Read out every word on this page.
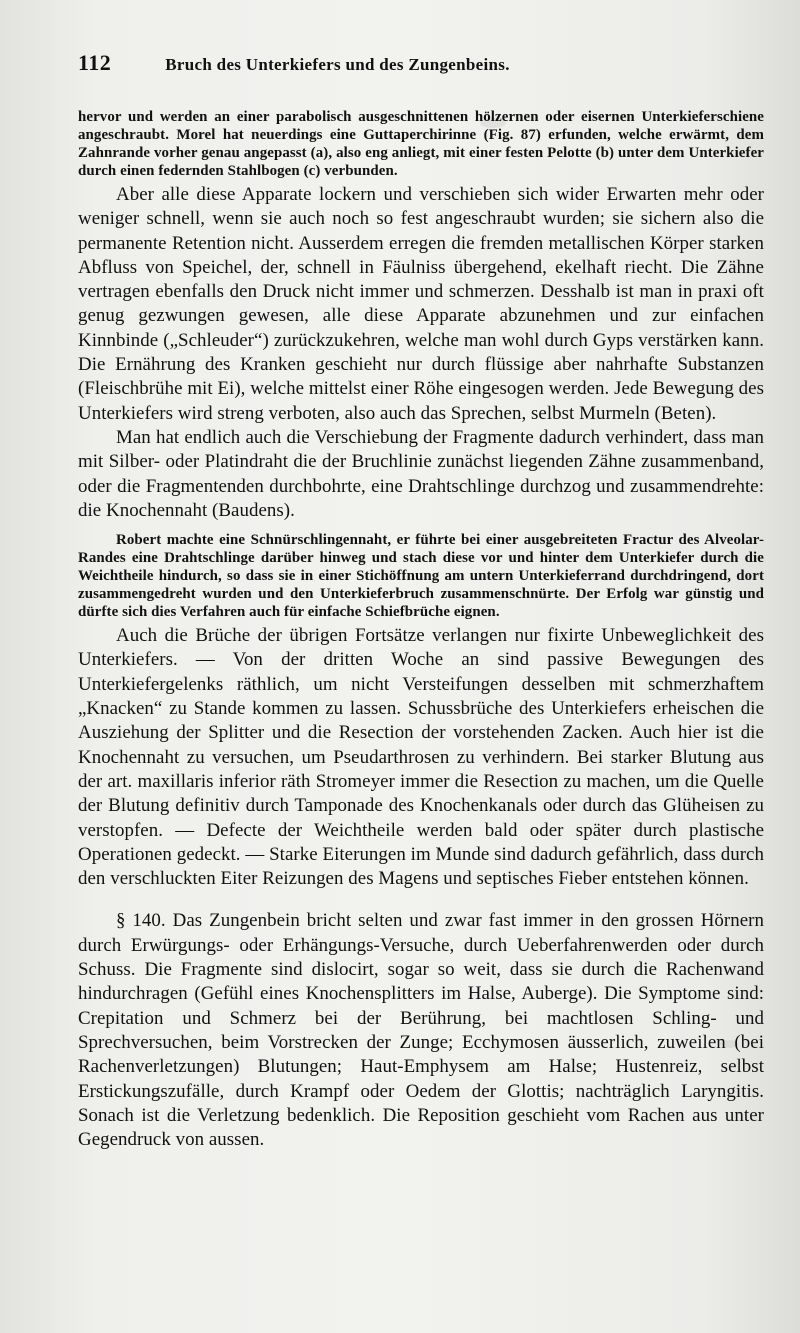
112	Bruch des Unterkiefers und des Zungenbeins.

hervor und werden an einer parabolisch ausgeschnittenen hölzernen oder eisernen Unterkieferschiene angeschraubt. Morel hat neuerdings eine Guttaperchirinne (Fig. 87) erfunden, welche erwärmt, dem Zahnrande vorher genau angepasst (a), also eng anliegt, mit einer festen Pelotte (b) unter dem Unterkiefer durch einen federnden Stahlbogen (c) verbunden.

Aber alle diese Apparate lockern und verschieben sich wider Erwarten mehr oder weniger schnell, wenn sie auch noch so fest angeschraubt wurden; sie sichern also die permanente Retention nicht. Ausserdem erregen die fremden metallischen Körper starken Abfluss von Speichel, der, schnell in Fäulniss übergehend, ekelhaft riecht. Die Zähne vertragen ebenfalls den Druck nicht immer und schmerzen. Desshalb ist man in praxi oft genug gezwungen gewesen, alle diese Apparate abzunehmen und zur einfachen Kinnbinde („Schleuder“) zurückzukehren, welche man wohl durch Gyps verstärken kann. Die Ernährung des Kranken geschieht nur durch flüssige aber nahrhafte Substanzen (Fleischbrühe mit Ei), welche mittelst einer Röhe eingesogen werden. Jede Bewegung des Unterkiefers wird streng verboten, also auch das Sprechen, selbst Murmeln (Beten).

Man hat endlich auch die Verschiebung der Fragmente dadurch verhindert, dass man mit Silber- oder Platindraht die der Bruchlinie zunächst liegenden Zähne zusammenband, oder die Fragmentenden durchbohrte, eine Drahtschlinge durchzog und zusammendrehte: die Knochennaht (Baudens).

Robert machte eine Schnürschlingennaht, er führte bei einer ausgebreiteten Fractur des Alveolar-Randes eine Drahtschlinge darüber hinweg und stach diese vor und hinter dem Unterkiefer durch die Weichtheile hindurch, so dass sie in einer Stichöffnung am untern Unterkieferrand durchdringend, dort zusammengedreht wurden und den Unterkieferbruch zusammenschnürte. Der Erfolg war günstig und dürfte sich dies Verfahren auch für einfache Schiefbrüche eignen.

Auch die Brüche der übrigen Fortsätze verlangen nur fixirte Unbeweglichkeit des Unterkiefers. — Von der dritten Woche an sind passive Bewegungen des Unterkiefergelenks räthlich, um nicht Versteifungen desselben mit schmerzhaftem „Knacken“ zu Stande kommen zu lassen. Schussbrüche des Unterkiefers erheischen die Ausziehung der Splitter und die Resection der vorstehenden Zacken. Auch hier ist die Knochennaht zu versuchen, um Pseudarthrosen zu verhindern. Bei starker Blutung aus der art. maxillaris inferior räth Stromeyer immer die Resection zu machen, um die Quelle der Blutung definitiv durch Tamponade des Knochenkanals oder durch das Glüheisen zu verstopfen. — Defecte der Weichtheile werden bald oder später durch plastische Operationen gedeckt. — Starke Eiterungen im Munde sind dadurch gefährlich, dass durch den verschluckten Eiter Reizungen des Magens und septisches Fieber entstehen können.

§ 140. Das Zungenbein bricht selten und zwar fast immer in den grossen Hörnern durch Erwürgungs- oder Erhängungs-Versuche, durch Ueberfahrenwerden oder durch Schuss. Die Fragmente sind dislocirt, sogar so weit, dass sie durch die Rachenwand hindurchragen (Gefühl eines Knochensplitters im Halse, Auberge). Die Symptome sind: Crepitation und Schmerz bei der Berührung, bei machtlosen Schling- und Sprechversuchen, beim Vorstrecken der Zunge; Ecchymosen äusserlich, zuweilen (bei Rachenverletzungen) Blutungen; Haut-Emphysem am Halse; Hustenreiz, selbst Erstickungszufälle, durch Krampf oder Oedem der Glottis; nachträglich Laryngitis. Sonach ist die Verletzung bedenklich. Die Reposition geschieht vom Rachen aus unter Gegendruck von aussen.
